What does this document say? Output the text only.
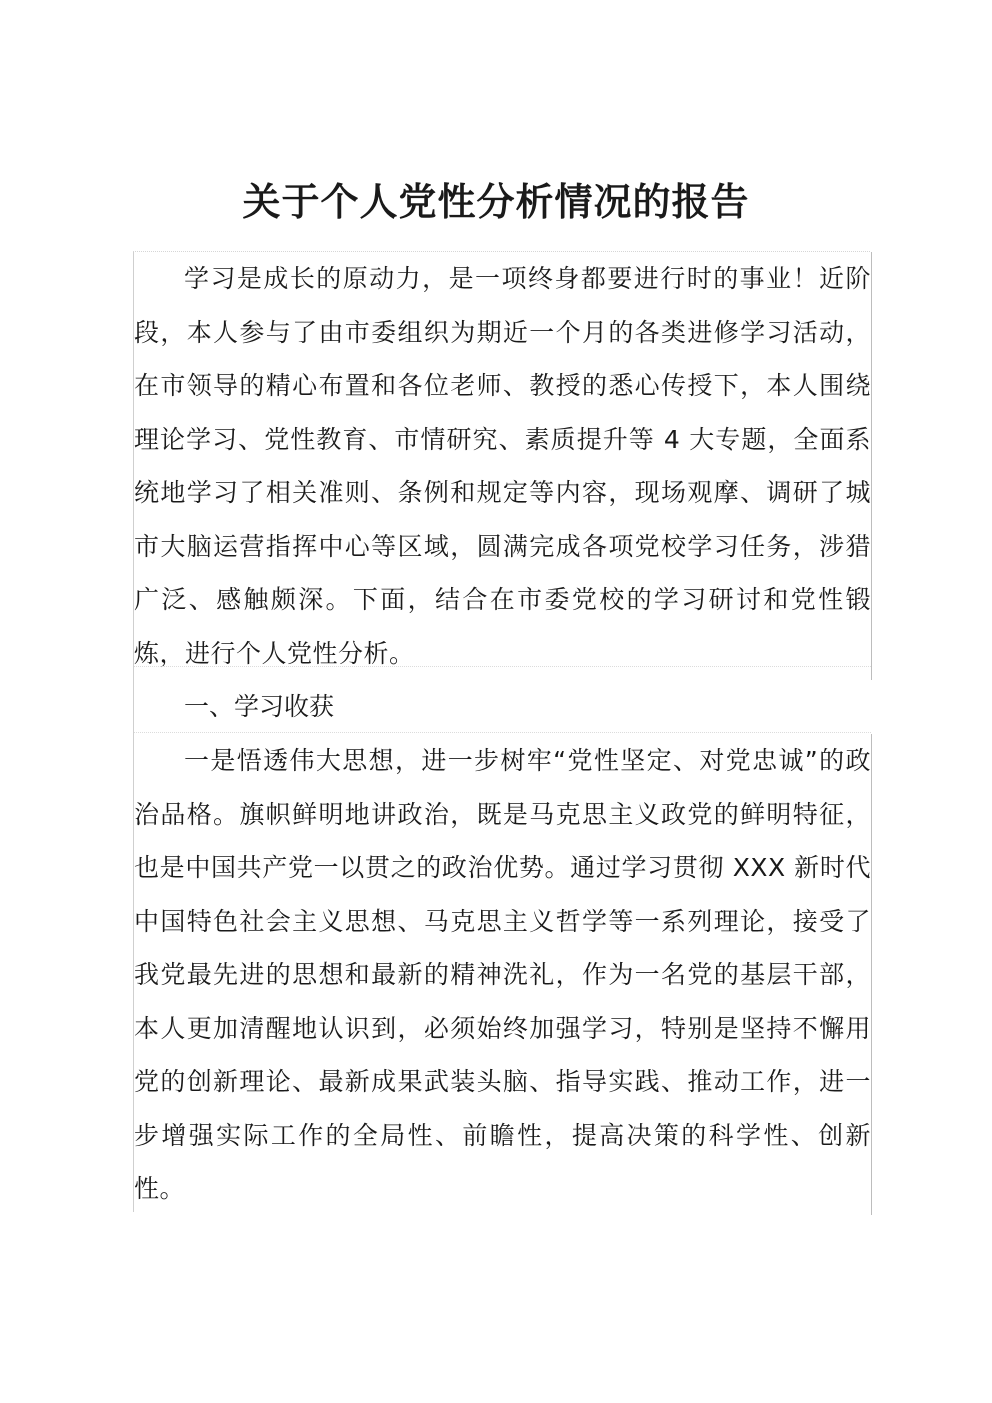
关于个人党性分析情况的报告

学习是成长的原动力，是一项终身都要进行时的事业！近阶段，本人参与了由市委组织为期近一个月的各类进修学习活动，在市领导的精心布置和各位老师、教授的悉心传授下，本人围绕理论学习、党性教育、市情研究、素质提升等 4 大专题，全面系统地学习了相关准则、条例和规定等内容，现场观摩、调研了城市大脑运营指挥中心等区域，圆满完成各项党校学习任务，涉猎广泛、感触颇深。下面，结合在市委党校的学习研讨和党性锻炼，进行个人党性分析。

一、学习收获

一是悟透伟大思想，进一步树牢“党性坚定、对党忠诚”的政治品格。旗帜鲜明地讲政治，既是马克思主义政党的鲜明特征，也是中国共产党一以贯之的政治优势。通过学习贯彻 XXX 新时代中国特色社会主义思想、马克思主义哲学等一系列理论，接受了我党最先进的思想和最新的精神洗礼，作为一名党的基层干部，本人更加清醒地认识到，必须始终加强学习，特别是坚持不懈用党的创新理论、最新成果武装头脑、指导实践、推动工作，进一步增强实际工作的全局性、前瞻性，提高决策的科学性、创新性。
